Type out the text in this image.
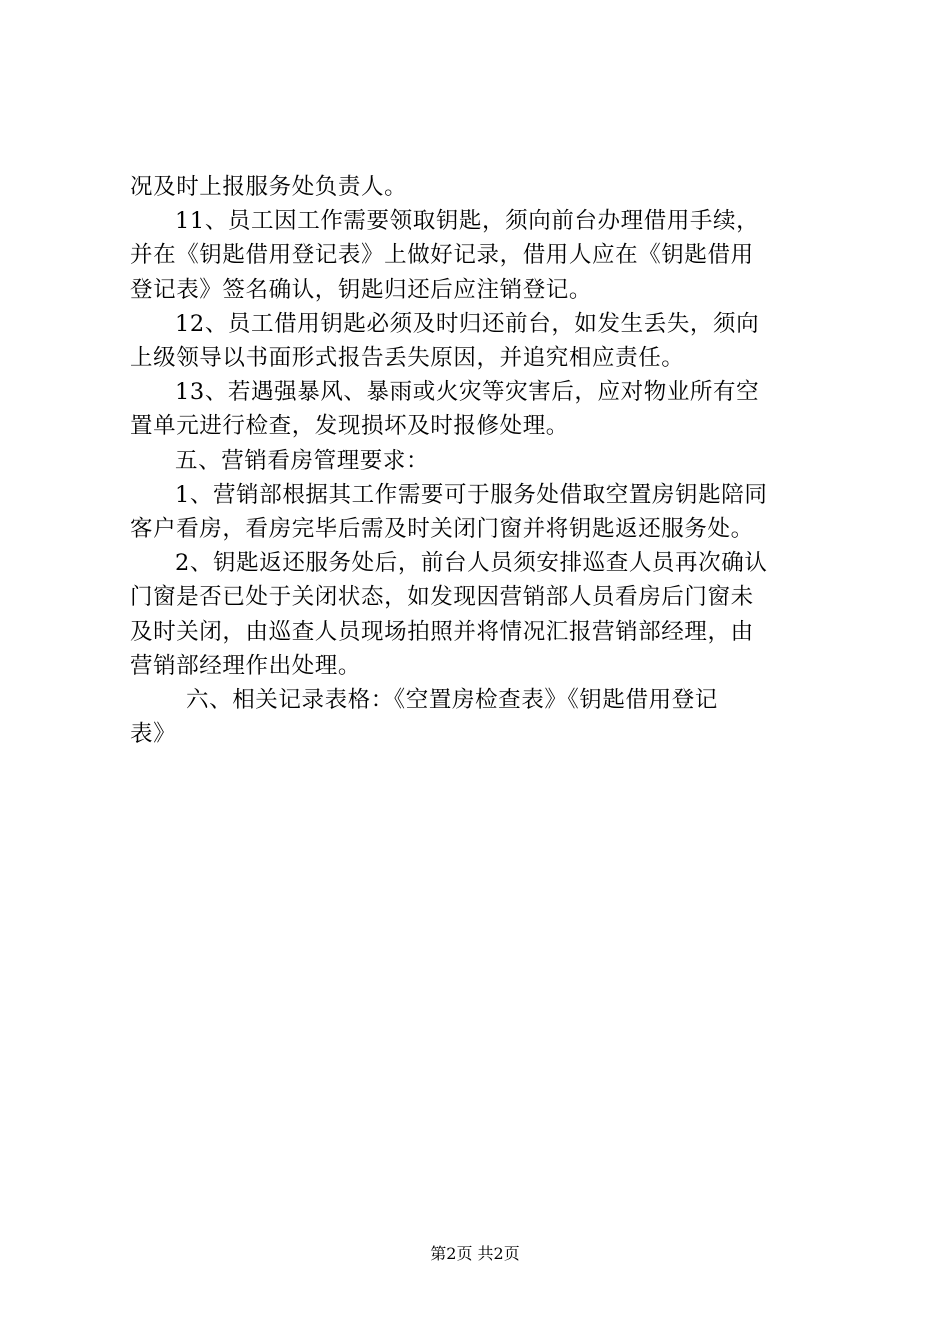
况及时上报服务处负责人。
11、员工因工作需要领取钥匙，须向前台办理借用手续，
并在《钥匙借用登记表》上做好记录，借用人应在《钥匙借用
登记表》签名确认，钥匙归还后应注销登记。
12、员工借用钥匙必须及时归还前台，如发生丢失，须向
上级领导以书面形式报告丢失原因，并追究相应责任。
13、若遇强暴风、暴雨或火灾等灾害后，应对物业所有空
置单元进行检查，发现损坏及时报修处理。
五、营销看房管理要求：
1、营销部根据其工作需要可于服务处借取空置房钥匙陪同
客户看房，看房完毕后需及时关闭门窗并将钥匙返还服务处。
2、钥匙返还服务处后，前台人员须安排巡查人员再次确认
门窗是否已处于关闭状态，如发现因营销部人员看房后门窗未
及时关闭，由巡查人员现场拍照并将情况汇报营销部经理，由
营销部经理作出处理。
六、相关记录表格：《空置房检查表》《钥匙借用登记
表》
第2页 共2页
